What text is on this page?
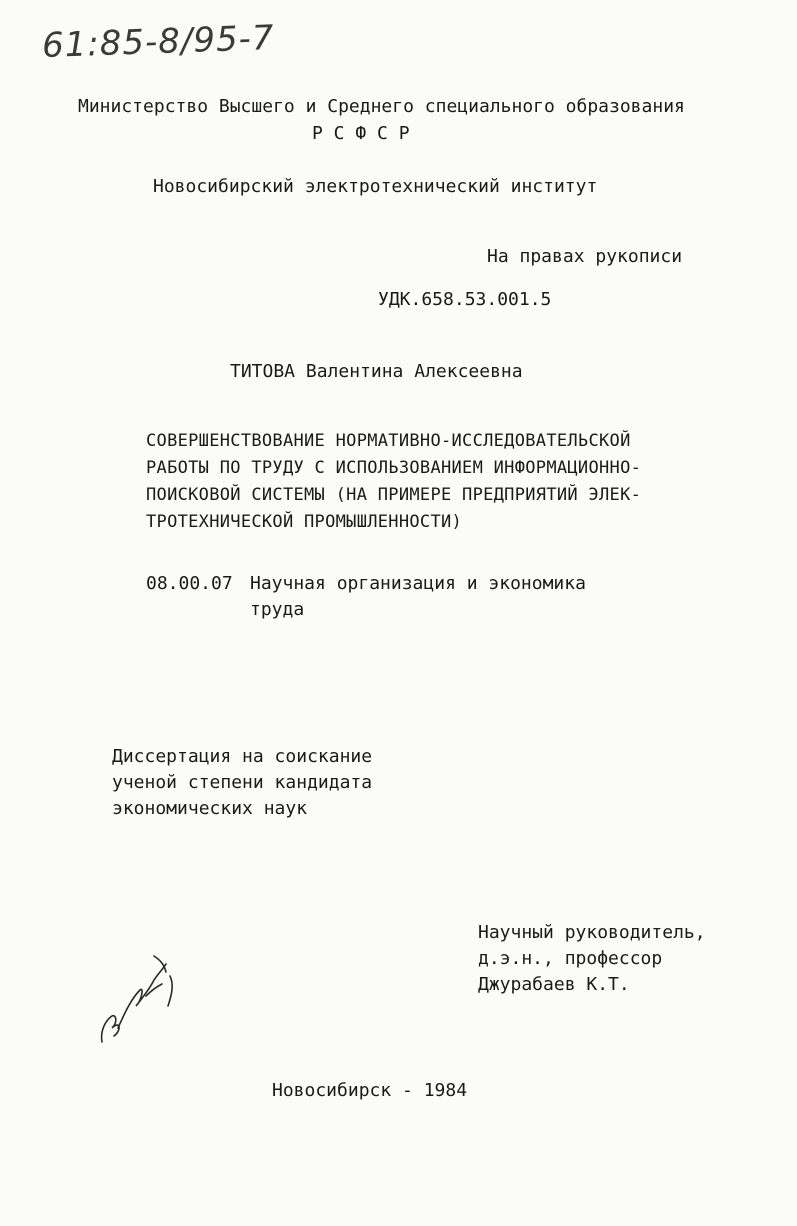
61:85-8/95-7
Министерство Высшего и Среднего специального образования
Р С Ф С Р
Новосибирский электротехнический институт
На правах рукописи
УДК.658.53.001.5
ТИТОВА Валентина Алексеевна
СОВЕРШЕНСТВОВАНИЕ НОРМАТИВНО-ИССЛЕДОВАТЕЛЬСКОЙ
РАБОТЫ ПО ТРУДУ С ИСПОЛЬЗОВАНИЕМ ИНФОРМАЦИОННО-
ПОИСКОВОЙ СИСТЕМЫ (НА ПРИМЕРЕ ПРЕДПРИЯТИЙ ЭЛЕК-
ТРОТЕХНИЧЕСКОЙ ПРОМЫШЛЕННОСТИ)
08.00.07 Научная организация и экономика
труда
Диссертация на соискание
ученой степени кандидата
экономических наук
Научный руководитель,
д.э.н., профессор
Джурабаев К.Т.
Новосибирск - 1984
